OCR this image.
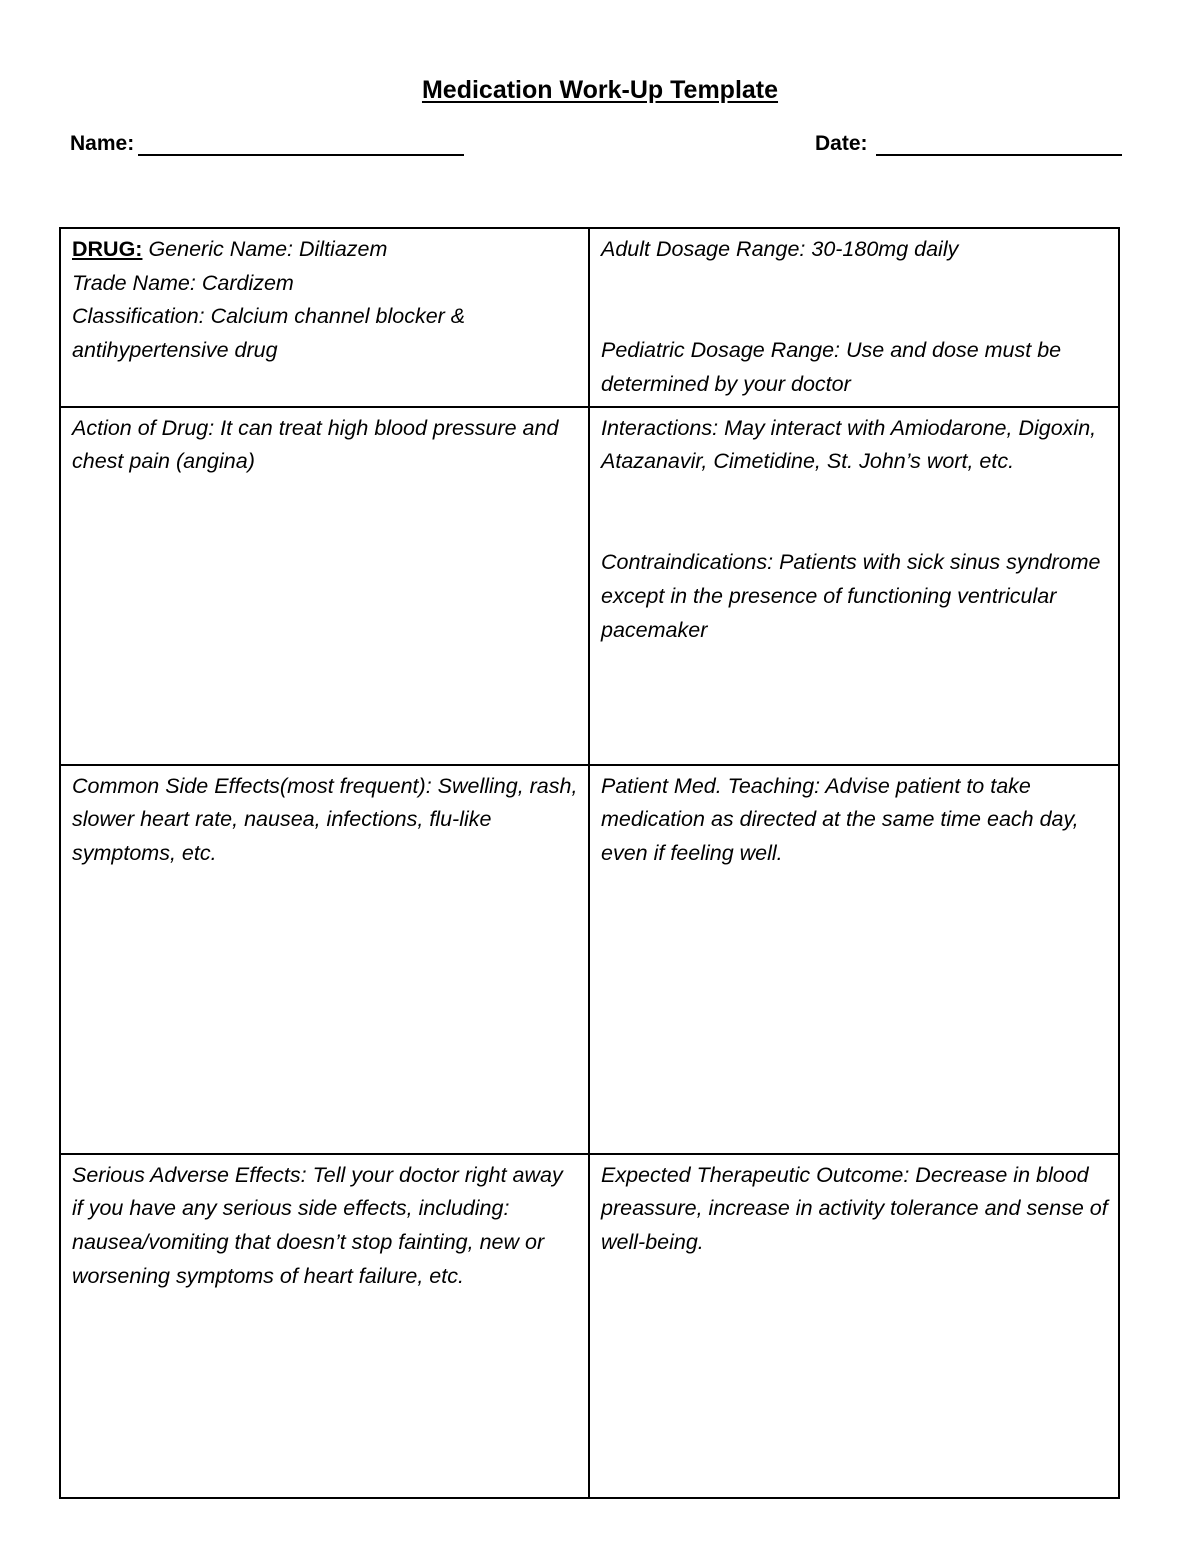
Medication Work-Up Template
Name:	Date:
DRUG: Generic Name: Diltiazem
Trade Name: Cardizem
Classification: Calcium channel blocker & antihypertensive drug	Adult Dosage Range: 30-180mg daily
Pediatric Dosage Range: Use and dose must be determined by your doctor

Action of Drug: It can treat high blood pressure and chest pain (angina)	Interactions: May interact with Amiodarone, Digoxin, Atazanavir, Cimetidine, St. John’s wort, etc.
Contraindications: Patients with sick sinus syndrome except in the presence of functioning ventricular pacemaker

Common Side Effects(most frequent): Swelling, rash, slower heart rate, nausea, infections, flu-like symptoms, etc.	Patient Med. Teaching: Advise patient to take medication as directed at the same time each day, even if feeling well.

Serious Adverse Effects: Tell your doctor right away if you have any serious side effects, including: nausea/vomiting that doesn’t stop fainting, new or worsening symptoms of heart failure, etc.	Expected Therapeutic Outcome: Decrease in blood preassure, increase in activity tolerance and sense of well-being.
